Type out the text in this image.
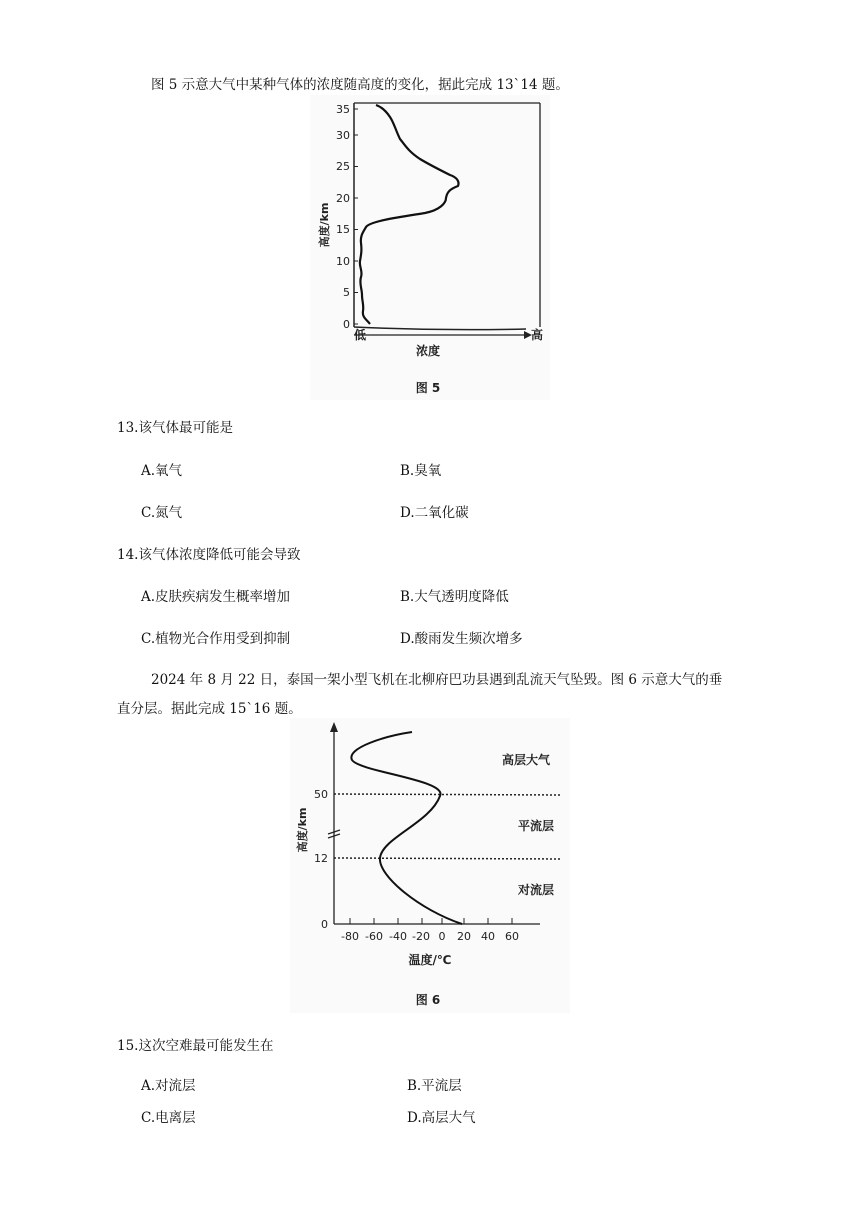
图 5 示意大气中某种气体的浓度随高度的变化，据此完成 13`14 题。
0
5
10
15
20
25
30
35
高度/km
低	高
浓度
图 5
13.该气体最可能是
A.氧气	B.臭氧
C.氮气	D.二氧化碳
14.该气体浓度降低可能会导致
A.皮肤疾病发生概率增加	B.大气透明度降低
C.植物光合作用受到抑制	D.酸雨发生频次增多
2024 年 8 月 22 日，泰国一架小型飞机在北柳府巴功县遇到乱流天气坠毁。图 6 示意大气的垂
直分层。据此完成 15`16 题。
50
12
0
-80 -60 -40 -20 0 20 40 60
高度/km
温度/℃
高层大气
平流层
对流层
图 6
15.这次空难最可能发生在
A.对流层	B.平流层
C.电离层	D.高层大气
